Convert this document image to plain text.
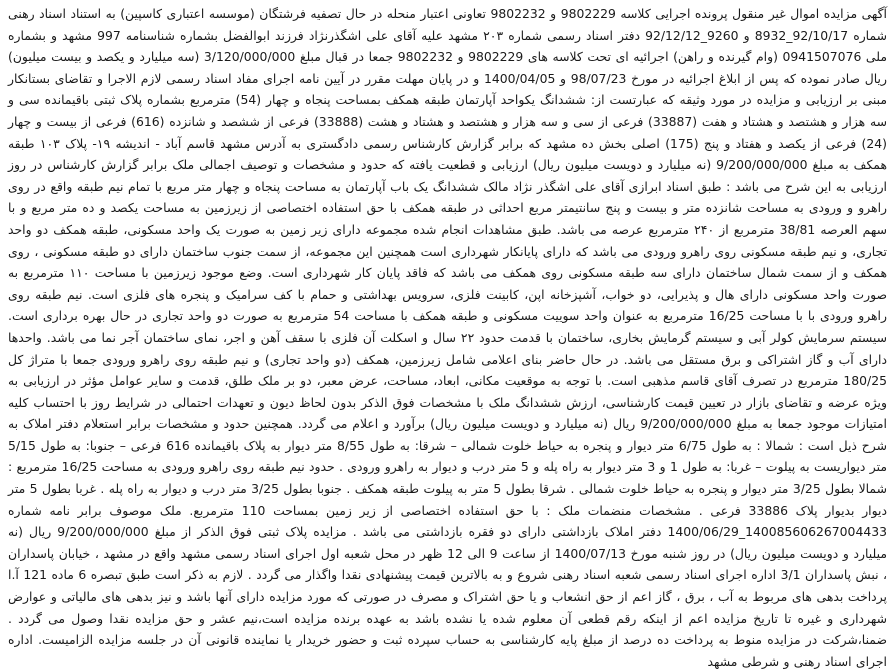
آگهی مزایده اموال غیر منقول پرونده اجرایی کلاسه 9802229 و 9802232 تعاونی اعتبار منحله در حال تصفیه فرشتگان (موسسه اعتباری کاسپین) به استناد اسناد رهنی شماره 92/10/17_8932 و 9260_92/12/12 دفتر اسناد رسمی شماره ۲۰۳ مشهد علیه آقای علی اشگذرنژاد فرزند ابوالفضل بشماره شناسنامه 997 مشهد و بشماره ملی 0941507076 (وام گیرنده و راهن) اجرائیه ای تحت کلاسه های 9802229 و 9802232 جمعا در قبال مبلغ 3/120/000/000 (سه میلیارد و یکصد و بیست میلیون) ریال صادر نموده که پس از ابلاغ اجرائیه در مورخ 98/07/23 و 1400/04/05 و در پایان مهلت مقرر در آیین نامه اجرای مفاد اسناد رسمی لازم الاجرا و تقاضای بستانکار مبنی بر ارزیابی و مزایده در مورد وثیقه که عبارتست از: ششدانگ یکواحد آپارتمان طبقه همکف بمساحت پنجاه و چهار (54) مترمربع بشماره پلاک ثبتی باقیمانده سی و سه هزار و هشتصد و هشتاد و هفت (33887) فرعی از سی و سه هزار و هشتصد و هشتاد و هشت (33888) فرعی از ششصد و شانزده (616) فرعی از بیست و چهار (24) فرعی از یکصد و هفتاد و پنج (175) اصلی بخش ده مشهد که برابر گزارش کارشناس رسمی دادگستری به آدرس مشهد قاسم آباد - اندیشه ۱۹- پلاک ۱۰۳ طبقه همکف به مبلغ 9/200/000/000 (نه میلیارد و دویست میلیون ریال) ارزیابی و قطعیت یافته که حدود و مشخصات و توصیف اجمالی ملک برابر گزارش کارشناس در روز ارزیابی به این شرح می باشد : طبق اسناد ابرازی آقای علی اشگذر نژاد مالک ششدانگ یک باب آپارتمان به مساحت پنجاه و چهار متر مربع با تمام نیم طبقه واقع در روی راهرو و ورودی به مساحت شانزده متر و بیست و پنج سانتیمتر مربع احداثی در طبقه همکف با حق استفاده اختصاصی از زیرزمین به مساحت یکصد و ده متر مربع و با سهم العرصه 38/81 مترمربع از ۲۴۰ مترمربع عرصه می باشد. طبق مشاهدات انجام شده مجموعه دارای زیر زمین به صورت یک واحد مسکونی، طبقه همکف دو واحد تجاری، و نیم طبقه مسکونی روی راهرو ورودی می باشد که دارای پایانکار شهرداری است همچنین این مجموعه، از سمت جنوب ساختمان دارای دو طبقه مسکونی ، روی همکف و از سمت شمال ساختمان دارای سه طبقه مسکونی روی همکف می باشد که فاقد پایان کار شهرداری است. وضع موجود زیرزمین با مساحت ۱۱۰ مترمربع به صورت واحد مسکونی دارای هال و پذیرایی، دو خواب، آشپزخانه اپن، کابینت فلزی، سرویس بهداشتی و حمام با کف سرامیک و پنجره های فلزی است. نیم طبقه روی راهرو ورودی با با مساحت 16/25 مترمربع به عنوان واحد سوییت مسکونی و طبقه همکف با مساحت 54 مترمربع به صورت دو واحد تجاری در حال بهره برداری است. سیستم سرمایش کولر آبی و سیستم گرمایش بخاری، ساختمان با قدمت حدود ۲۲ سال و اسکلت آن فلزی با سقف آهن و اجر، نمای ساختمان آجر نما می باشد. واحدها دارای آب و گاز اشتراکی و برق مستقل می باشد. در حال حاضر بنای اعلامی شامل زیرزمین، همکف (دو واحد تجاری) و نیم طبقه روی راهرو ورودی جمعا با متراژ کل 180/25 مترمربع در تصرف آقای قاسم مذهبی است. با توجه به موقعیت مکانی، ابعاد، مساحت، عرض معبر، دو بر ملک طلق، قدمت و سایر عوامل مؤثر در ارزیابی به ویژه عرضه و تقاضای بازار در تعیین قیمت کارشناسی، ارزش ششدانگ ملک با مشخصات فوق الذکر بدون لحاظ دیون و تعهدات احتمالی در شرایط روز با احتساب کلیه امتیازات موجود جمعا به مبلغ 9/200/000/000 ریال (نه میلیارد و دویست میلیون ریال) برآورد و اعلام می گردد. همچنین حدود و مشخصات برابر استعلام دفتر املاک به شرح ذیل است : شمالا : به طول 6/75 متر دیوار و پنجره به حیاط خلوت شمالی – شرقا: به طول 8/55 متر دیوار به پلاک باقیمانده 616 فرعی – جنوبا: به طول 5/15 متر دیواریست به پیلوت – غربا: به طول 1 و 3 متر دیوار به راه پله و 5 متر درب و دیوار به راهرو ورودی . حدود نیم طبقه روی راهرو ورودی به مساحت 16/25 مترمربع : شمالا بطول 3/25 متر دیوار و پنجره به حیاط خلوت شمالی . شرقا بطول 5 متر به پیلوت طبقه همکف . جنوبا بطول 3/25 متر درب و دیوار به راه پله . غربا بطول 5 متر دیوار بدیوار پلاک 33886 فرعی . مشخصات منضمات ملک : با حق استفاده اختصاصی از زیر زمین بمساحت 110 مترمربع. ملک موصوف برابر نامه شماره 140085606267004433_1400/06/29 دفتر املاک بازداشتی دارای دو فقره بازداشتی می باشد . مزایده پلاک ثبتی فوق الذکر از مبلغ 9/200/000/000 ریال (نه میلیارد و دویست میلیون ریال) در روز شنبه مورخ 1400/07/13 از ساعت 9 الی 12 ظهر در محل شعبه اول اجرای اسناد رسمی مشهد واقع در مشهد ، خیابان پاسداران ، نبش پاسداران 3/1 اداره اجرای اسناد رسمی شعبه اسناد رهنی شروع و به بالاترین قیمت پیشنهادی نقدا واگذار می گردد . لازم به ذکر است طبق تبصره 6 ماده 121 آ.ا پرداخت بدهی های مربوط به آب ، برق ، گاز اعم از حق انشعاب و یا حق اشتراک و مصرف در صورتی که مورد مزایده دارای آنها باشد و نیز بدهی های مالیاتی و عوارض شهرداری و غیره تا تاریخ مزایده اعم از اینکه رقم قطعی آن معلوم شده یا نشده باشد به عهده برنده مزایده است،نیم عشر و حق مزایده نقدا وصول می گردد . ضمنا،شرکت در مزایده منوط به پرداخت ده درصد از مبلغ پایه کارشناسی به حساب سپرده ثبت و حضور خریدار یا نماینده قانونی آن در جلسه مزایده الزامیست. اداره اجرای اسناد رهنی و شرطی مشهد
